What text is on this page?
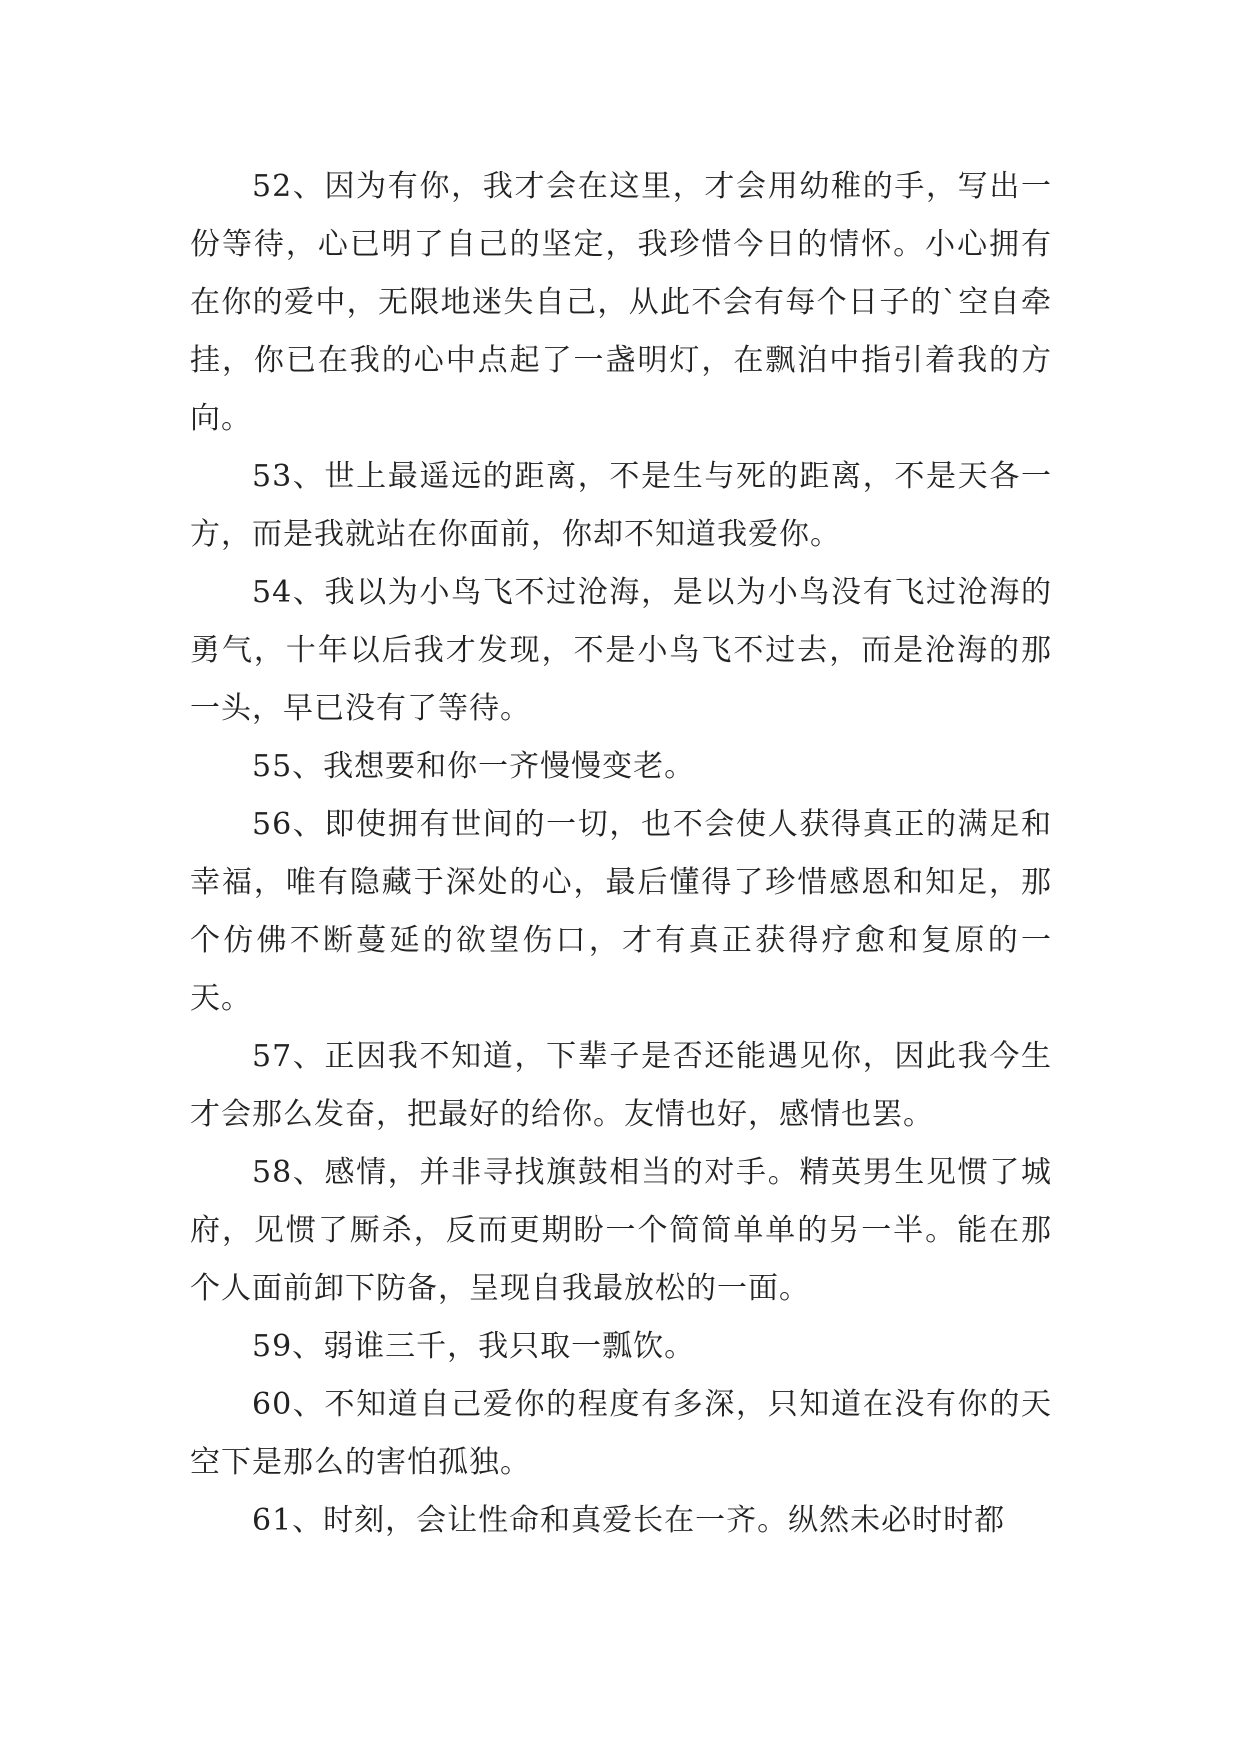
52、因为有你，我才会在这里，才会用幼稚的手，写出一份等待，心已明了自己的坚定，我珍惜今日的情怀。小心拥有在你的爱中，无限地迷失自己，从此不会有每个日子的`空自牵挂，你已在我的心中点起了一盏明灯，在飘泊中指引着我的方向。

53、世上最遥远的距离，不是生与死的距离，不是天各一方，而是我就站在你面前，你却不知道我爱你。

54、我以为小鸟飞不过沧海，是以为小鸟没有飞过沧海的勇气，十年以后我才发现，不是小鸟飞不过去，而是沧海的那一头，早已没有了等待。

55、我想要和你一齐慢慢变老。

56、即使拥有世间的一切，也不会使人获得真正的满足和幸福，唯有隐藏于深处的心，最后懂得了珍惜感恩和知足，那个仿佛不断蔓延的欲望伤口，才有真正获得疗愈和复原的一天。

57、正因我不知道，下辈子是否还能遇见你，因此我今生才会那么发奋，把最好的给你。友情也好，感情也罢。

58、感情，并非寻找旗鼓相当的对手。精英男生见惯了城府，见惯了厮杀，反而更期盼一个简简单单的另一半。能在那个人面前卸下防备，呈现自我最放松的一面。

59、弱谁三千，我只取一瓢饮。

60、不知道自己爱你的程度有多深，只知道在没有你的天空下是那么的害怕孤独。

61、时刻，会让性命和真爱长在一齐。纵然未必时时都
